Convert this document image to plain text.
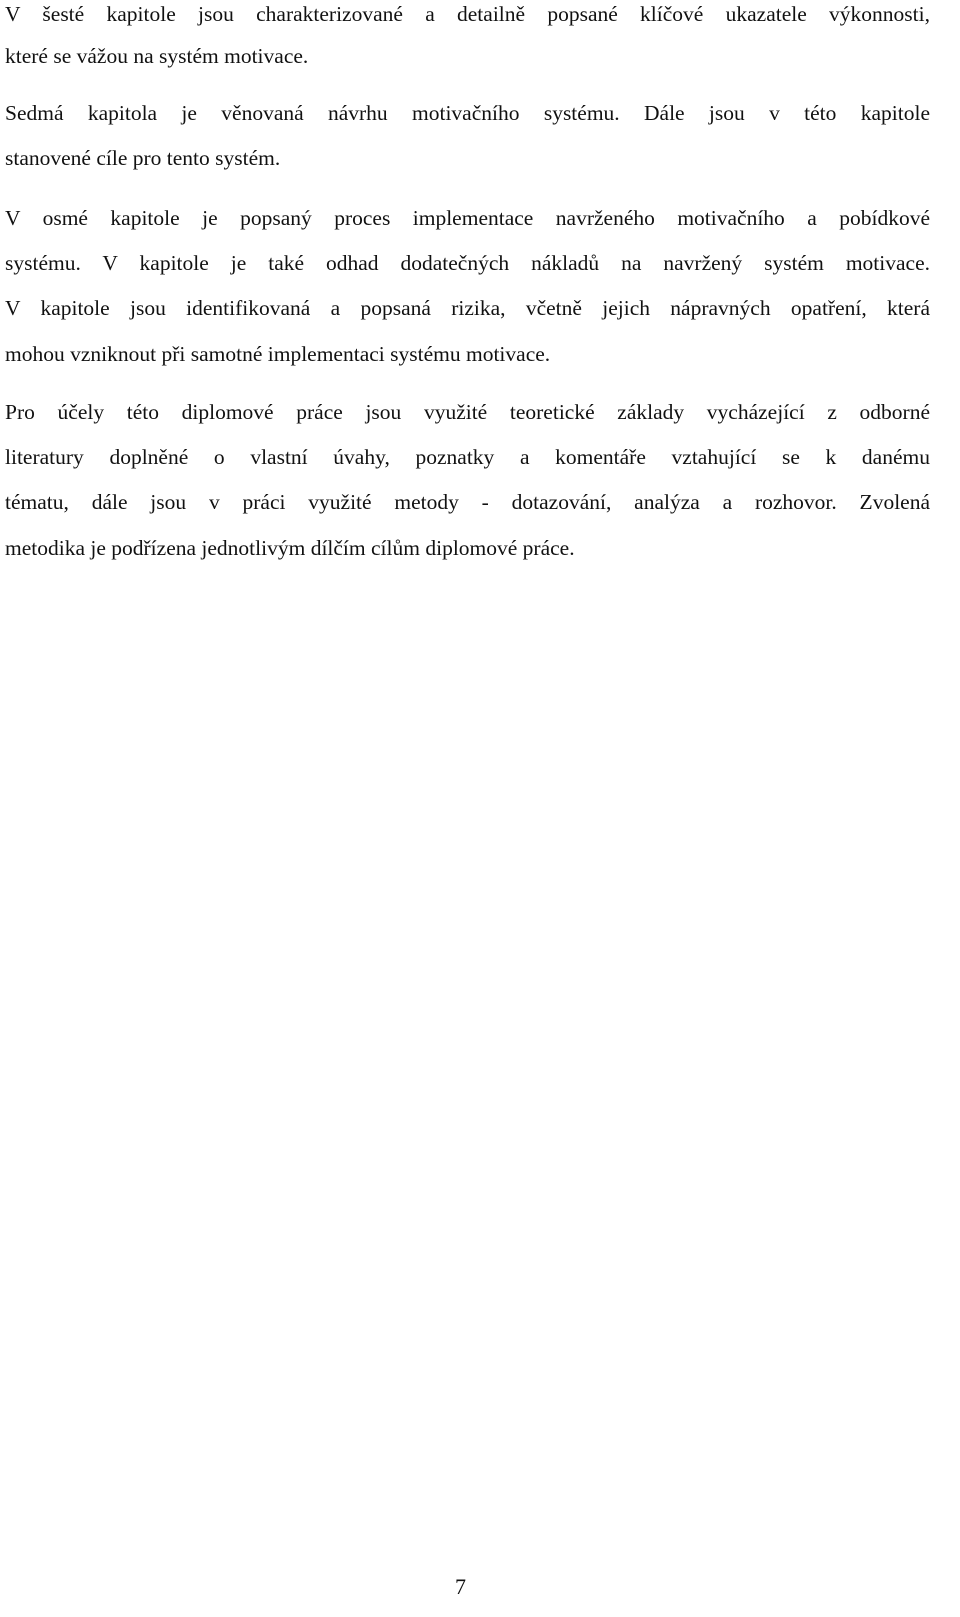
V šesté kapitole jsou charakterizované a detailně popsané klíčové ukazatele výkonnosti,
které se vážou na systém motivace.
Sedmá kapitola je věnovaná návrhu motivačního systému. Dále jsou v této kapitole
stanovené cíle pro tento systém.
V osmé kapitole je popsaný proces implementace navrženého motivačního a pobídkové
systému. V kapitole je také odhad dodatečných nákladů na navržený systém motivace.
V kapitole jsou identifikovaná a popsaná rizika, včetně jejich nápravných opatření, která
mohou vzniknout při samotné implementaci systému motivace.
Pro účely této diplomové práce jsou využité teoretické základy vycházející z odborné
literatury doplněné o vlastní úvahy, poznatky a komentáře vztahující se k danému
tématu, dále jsou v práci využité metody - dotazování, analýza a rozhovor. Zvolená
metodika je podřízena jednotlivým dílčím cílům diplomové práce.
7
